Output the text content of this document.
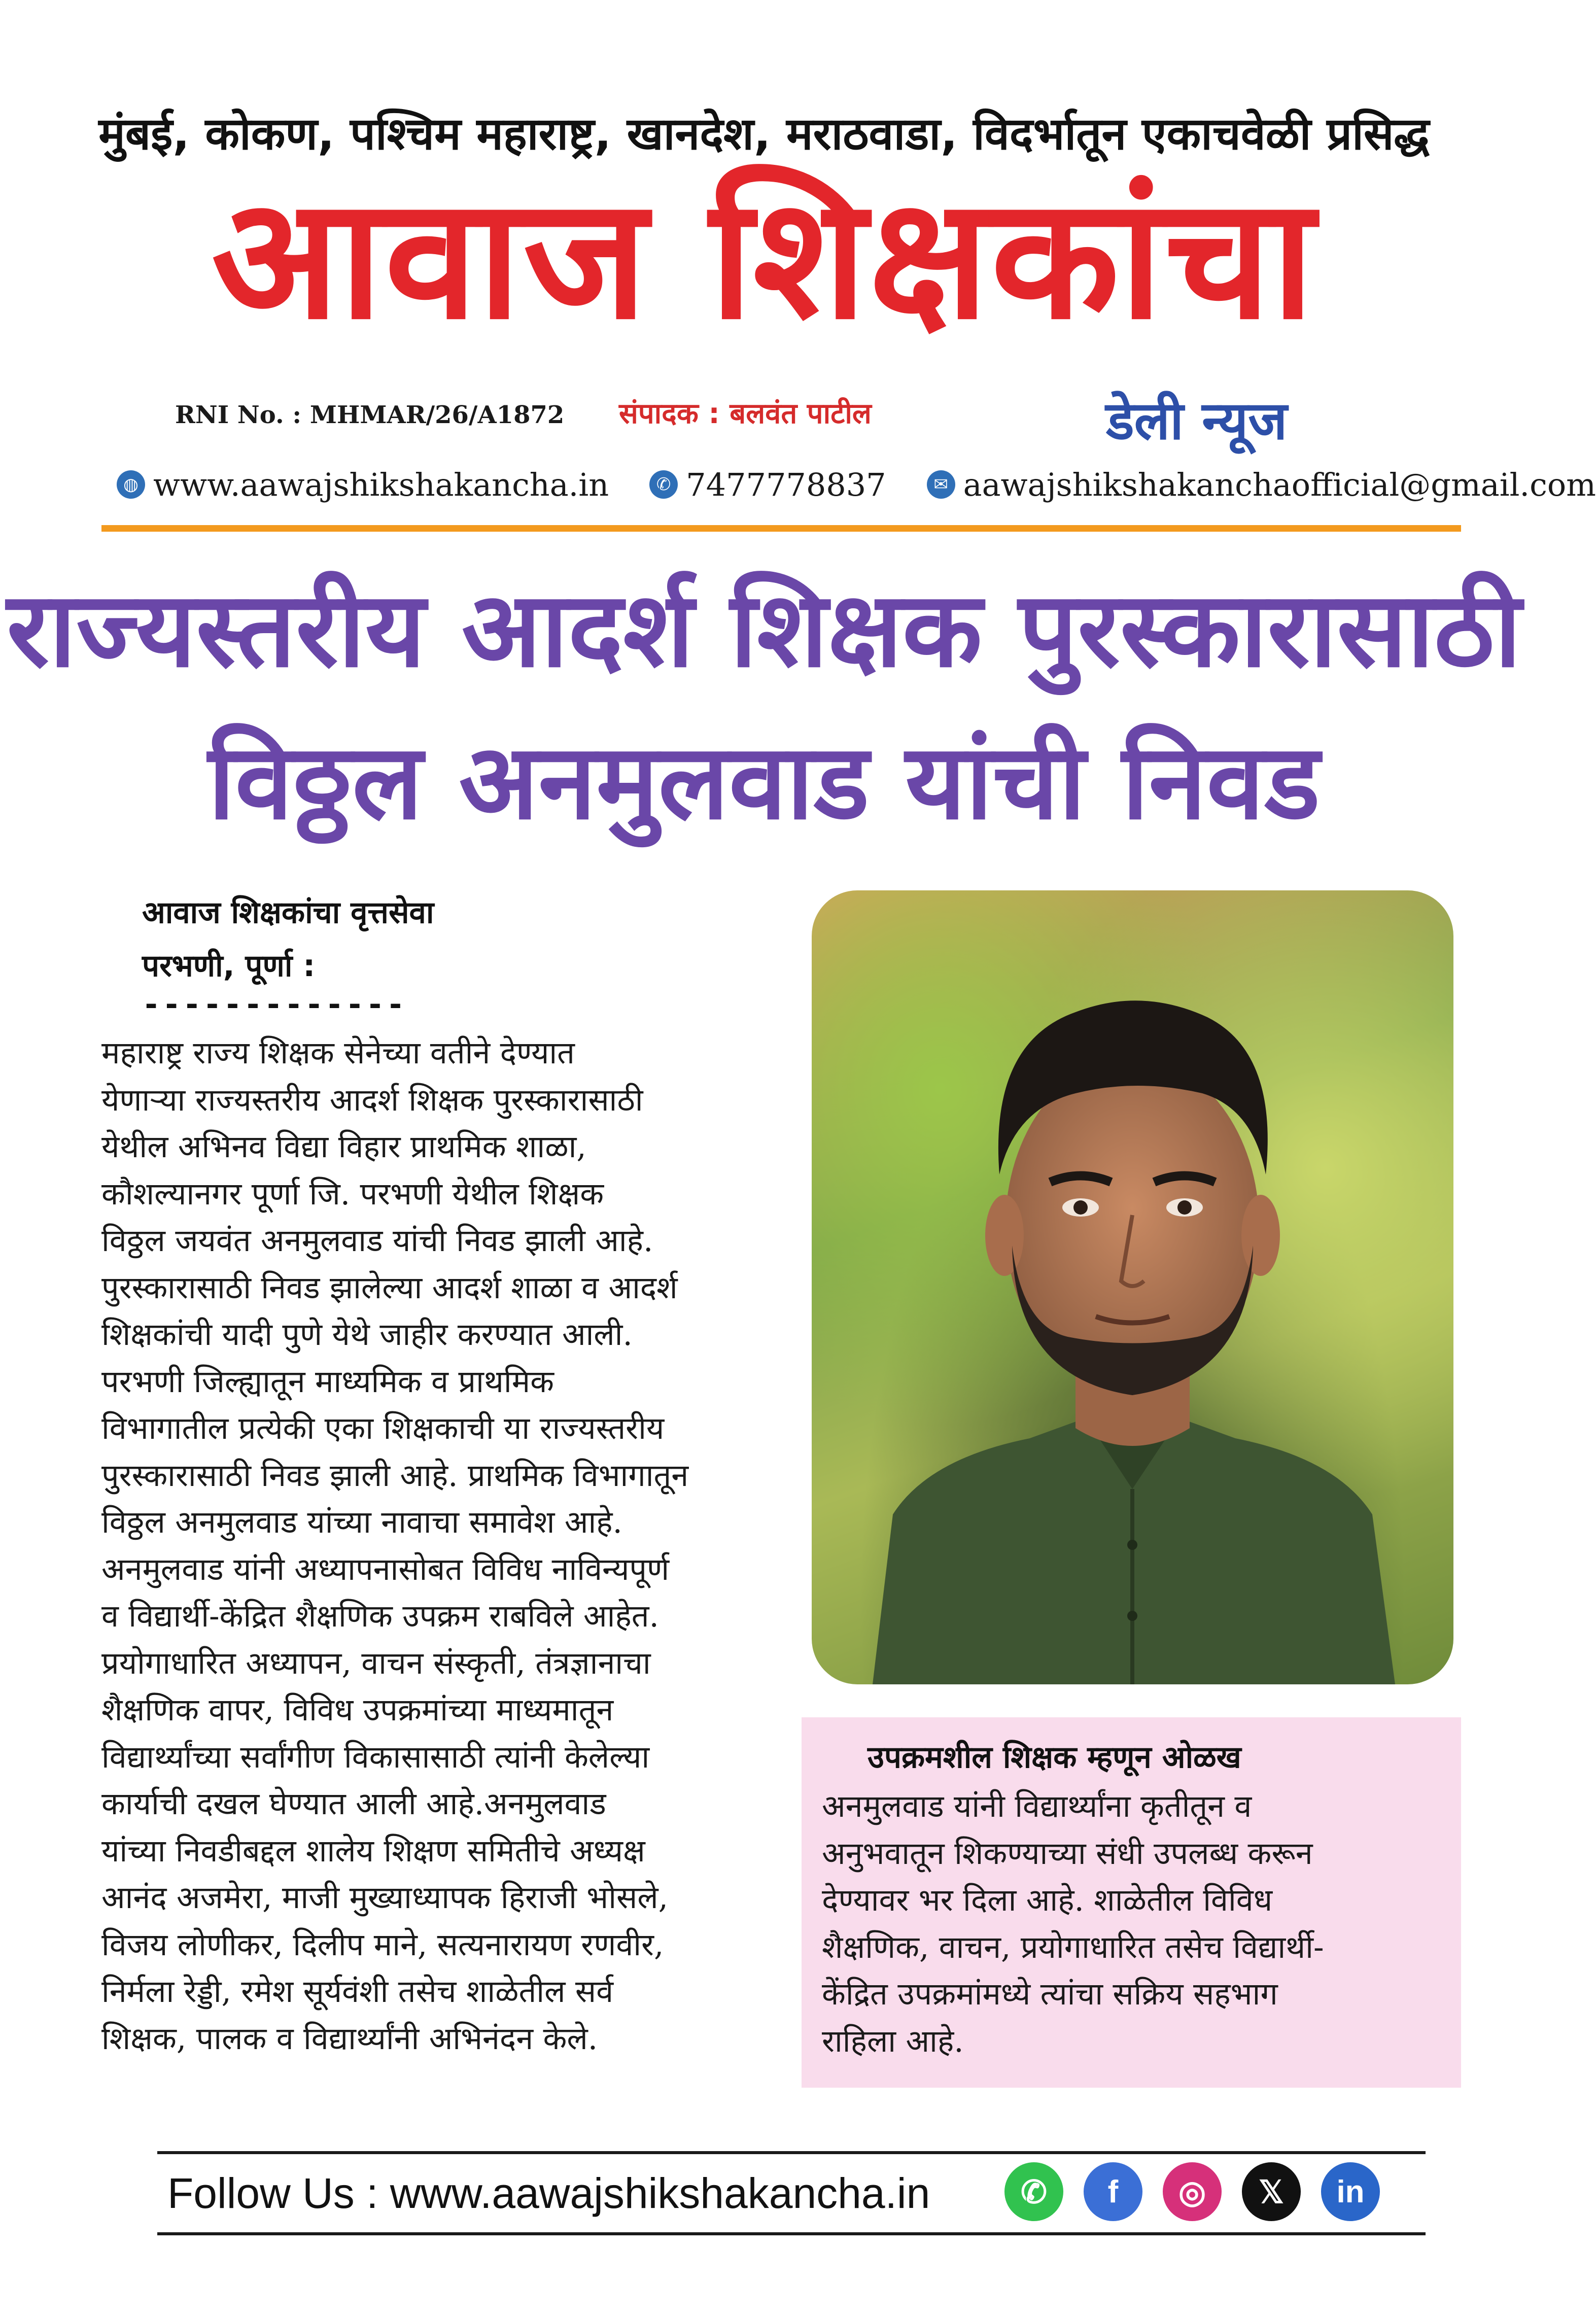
मुंबई, कोकण, पश्चिम महाराष्ट्र, खानदेश, मराठवाडा, विदर्भातून एकाचवेळी प्रसिद्ध
आवाज शिक्षकांचा
RNI No. : MHMAR/26/A1872 संपादक : बलवंत पाटील	डेली न्यूज
◍ www.aawajshikshakancha.in	✆ 7477778837	✉ aawajshikshakanchaofficial@gmail.com
राज्यस्तरीय आदर्श शिक्षक पुरस्कारासाठी
विठ्ठल अनमुलवाड यांची निवड
आवाज शिक्षकांचा वृत्तसेवा
परभणी, पूर्णा :
-------------
महाराष्ट्र राज्य शिक्षक सेनेच्या वतीने देण्यात
येणाऱ्या राज्यस्तरीय आदर्श शिक्षक पुरस्कारासाठी
येथील अभिनव विद्या विहार प्राथमिक शाळा,
कौशल्यानगर पूर्णा जि. परभणी येथील शिक्षक
विठ्ठल जयवंत अनमुलवाड यांची निवड झाली आहे.
पुरस्कारासाठी निवड झालेल्या आदर्श शाळा व आदर्श
शिक्षकांची यादी पुणे येथे जाहीर करण्यात आली.
परभणी जिल्ह्यातून माध्यमिक व प्राथमिक
विभागातील प्रत्येकी एका शिक्षकाची या राज्यस्तरीय
पुरस्कारासाठी निवड झाली आहे. प्राथमिक विभागातून
विठ्ठल अनमुलवाड यांच्या नावाचा समावेश आहे.
अनमुलवाड यांनी अध्यापनासोबत विविध नाविन्यपूर्ण
व विद्यार्थी-केंद्रित शैक्षणिक उपक्रम राबविले आहेत.
प्रयोगाधारित अध्यापन, वाचन संस्कृती, तंत्रज्ञानाचा
शैक्षणिक वापर, विविध उपक्रमांच्या माध्यमातून
विद्यार्थ्यांच्या सर्वांगीण विकासासाठी त्यांनी केलेल्या
कार्याची दखल घेण्यात आली आहे.अनमुलवाड
यांच्या निवडीबद्दल शालेय शिक्षण समितीचे अध्यक्ष
आनंद अजमेरा, माजी मुख्याध्यापक हिराजी भोसले,
विजय लोणीकर, दिलीप माने, सत्यनारायण रणवीर,
निर्मला रेड्डी, रमेश सूर्यवंशी तसेच शाळेतील सर्व
शिक्षक, पालक व विद्यार्थ्यांनी अभिनंदन केले.
उपक्रमशील शिक्षक म्हणून ओळख
अनमुलवाड यांनी विद्यार्थ्यांना कृतीतून व
अनुभवातून शिकण्याच्या संधी उपलब्ध करून
देण्यावर भर दिला आहे. शाळेतील विविध
शैक्षणिक, वाचन, प्रयोगाधारित तसेच विद्यार्थी-
केंद्रित उपक्रमांमध्ये त्यांचा सक्रिय सहभाग
राहिला आहे.
Follow Us : www.aawajshikshakancha.in	✆	f	◎	𝕏	in
